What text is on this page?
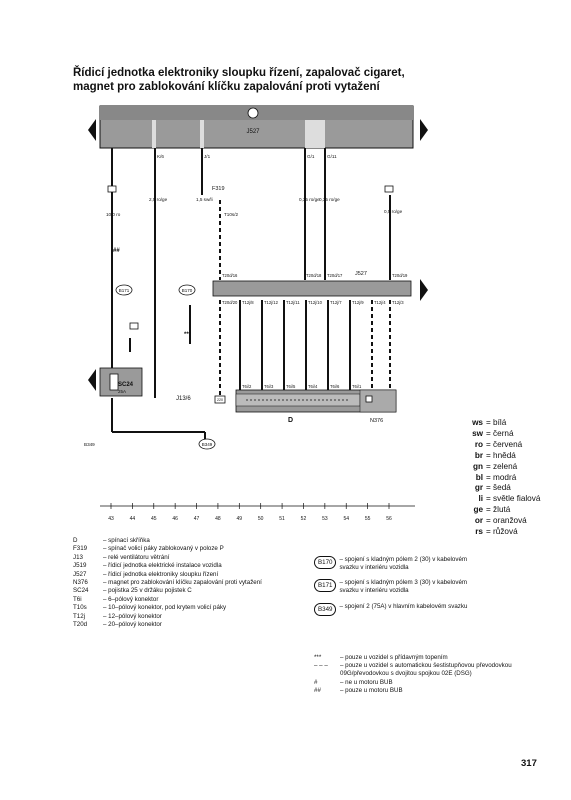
Řídicí jednotka elektroniky sloupku řízení, zapalovač cigaret,
magnet pro zablokování klíčku zapalování proti vytažení
J527
K/6	J/1	G/1	G/11
10,0 ro
2,5 ro/ge	1,5 sw/li	0,35 ro/ge 0,35 ro/ge
0,5 ro/ge
F319
T10s/2
##
***
B171	B170
B349
B349
SC24
25A
J13/6	220
J527
T20d/16	T20d/18 T20d/17	T20d/19
T20d/20 T12j/8 T12j/12 T12j/11 T12j/10 T12j/7 T12j/9 T12j/4 T12j/3
T6i/2	T6i/3	T6i/5	T6i/4	T6i/6	T6i/1
D	N376
43	44	45	46	47	48	49	50	51	52	53	54	55	56
ws = bílá
sw = černá
ro = červená
br = hnědá
gn = zelená
bl = modrá
gr = šedá
li = světle fialová
ge = žlutá
or = oranžová
rs = růžová
D	– spínací skříňka
F319	– spínač volicí páky zablokovaný v poloze P
J13	– relé ventilátoru větrání
J519	– řídicí jednotka elektrické instalace vozidla
J527	– řídicí jednotka elektroniky sloupku řízení
N376	– magnet pro zablokování klíčku zapalování proti vytažení
SC24	– pojistka 25 v držáku pojistek C
T6i	– 6–pólový konektor
T10s	– 10–pólový konektor, pod krytem volicí páky
T12j	– 12–pólový konektor
T20d	– 20–pólový konektor
B170	– spojení s kladným pólem 2 (30) v kabelovém
svazku v interiéru vozidla
B171	– spojení s kladným pólem 3 (30) v kabelovém
svazku v interiéru vozidla
B349	– spojení 2 (75A) v hlavním kabelovém svazku
***	– pouze u vozidel s přídavným topením
– – –	– pouze u vozidel s automatickou šestistupňovou převodovkou
09G/převodovkou s dvojitou spojkou 02E (DSG)
#	– ne u motoru BUB
##	– pouze u motoru BUB
317
